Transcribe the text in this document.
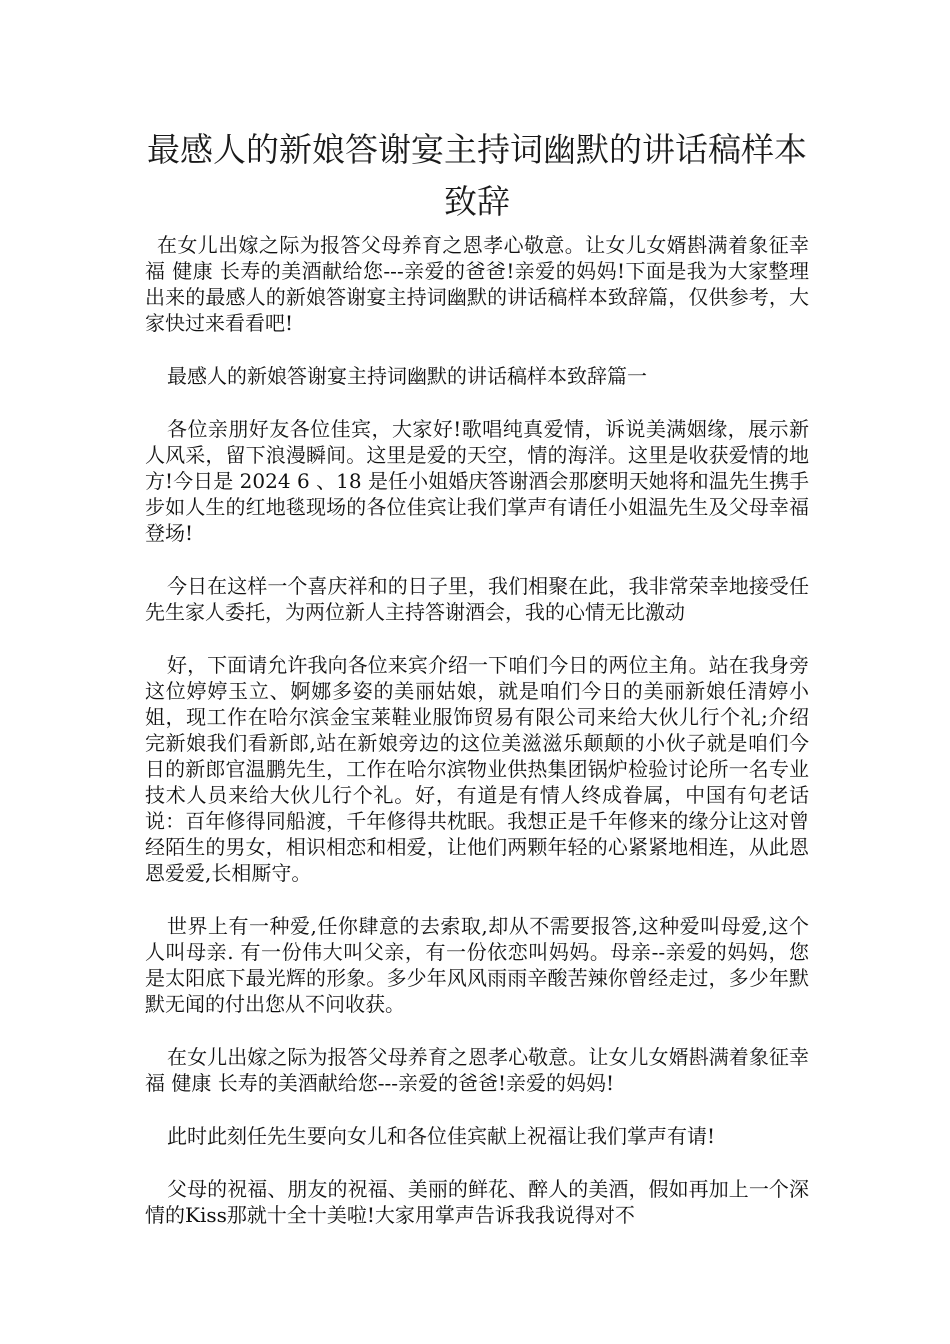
最感人的新娘答谢宴主持词幽默的讲话稿样本致辞

在女儿出嫁之际为报答父母养育之恩孝心敬意。让女儿女婿斟满着象征幸福 健康 长寿的美酒献给您---亲爱的爸爸!亲爱的妈妈!下面是我为大家整理出来的最感人的新娘答谢宴主持词幽默的讲话稿样本致辞篇，仅供参考，大家快过来看看吧!

最感人的新娘答谢宴主持词幽默的讲话稿样本致辞篇一

各位亲朋好友各位佳宾，大家好!歌唱纯真爱情，诉说美满姻缘，展示新人风采，留下浪漫瞬间。这里是爱的天空，情的海洋。这里是收获爱情的地方!今日是 2024 6 、18 是任小姐婚庆答谢酒会那麽明天她将和温先生携手步如人生的红地毯现场的各位佳宾让我们掌声有请任小姐温先生及父母幸福登场!

今日在这样一个喜庆祥和的日子里，我们相聚在此，我非常荣幸地接受任先生家人委托，为两位新人主持答谢酒会，我的心情无比激动

好，下面请允许我向各位来宾介绍一下咱们今日的两位主角。站在我身旁这位婷婷玉立、婀娜多姿的美丽姑娘，就是咱们今日的美丽新娘任清婷小姐，现工作在哈尔滨金宝莱鞋业服饰贸易有限公司来给大伙儿行个礼;介绍完新娘我们看新郎,站在新娘旁边的这位美滋滋乐颠颠的小伙子就是咱们今日的新郎官温鹏先生，工作在哈尔滨物业供热集团锅炉检验讨论所一名专业技术人员来给大伙儿行个礼。好，有道是有情人终成眷属，中国有句老话说：百年修得同船渡，千年修得共枕眠。我想正是千年修来的缘分让这对曾经陌生的男女，相识相恋和相爱，让他们两颗年轻的心紧紧地相连，从此恩恩爱爱,长相厮守。

世界上有一种爱,任你肆意的去索取,却从不需要报答,这种爱叫母爱,这个人叫母亲. 有一份伟大叫父亲，有一份依恋叫妈妈。母亲--亲爱的妈妈，您是太阳底下最光辉的形象。多少年风风雨雨辛酸苦辣你曾经走过，多少年默默无闻的付出您从不问收获。

在女儿出嫁之际为报答父母养育之恩孝心敬意。让女儿女婿斟满着象征幸福 健康 长寿的美酒献给您---亲爱的爸爸!亲爱的妈妈!

此时此刻任先生要向女儿和各位佳宾献上祝福让我们掌声有请!

父母的祝福、朋友的祝福、美丽的鲜花、醉人的美酒，假如再加上一个深情的Kiss那就十全十美啦!大家用掌声告诉我我说得对不
